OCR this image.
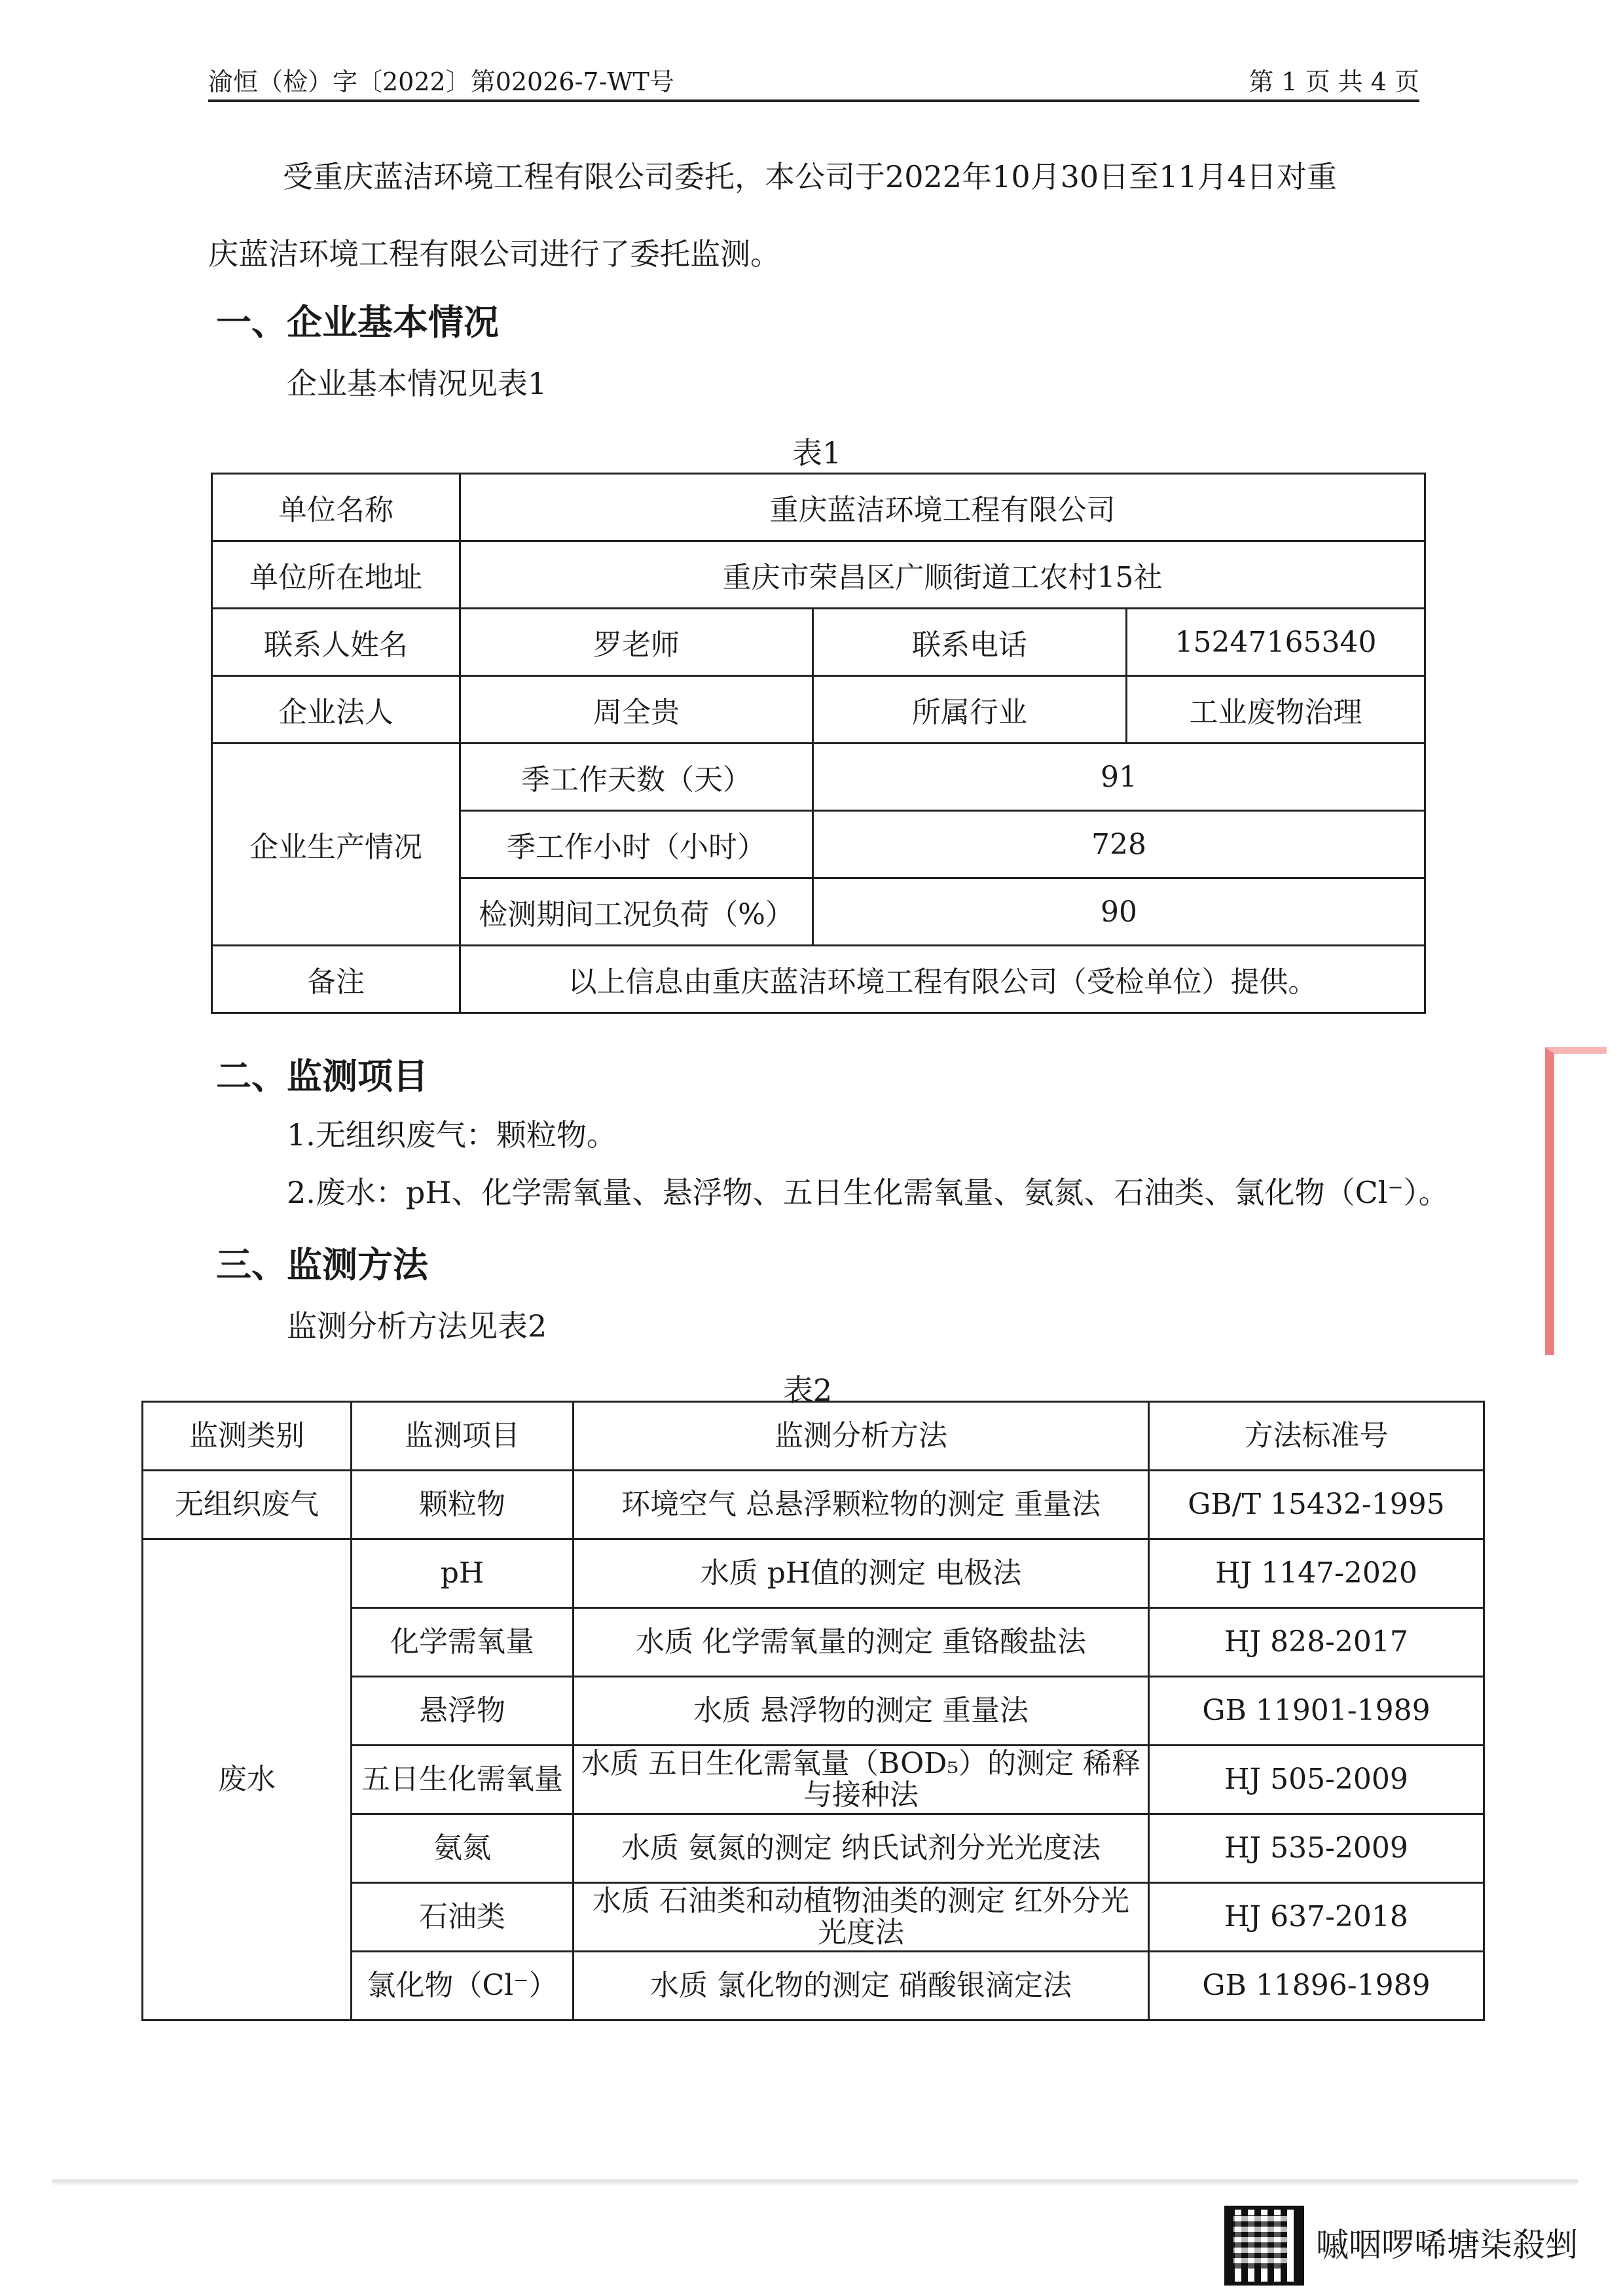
渝恒（检）字〔2022〕第02026-7-WT号	第 1 页 共 4 页
受重庆蓝洁环境工程有限公司委托，本公司于2022年10月30日至11月4日对重
庆蓝洁环境工程有限公司进行了委托监测。
一、企业基本情况
企业基本情况见表1
表1
单位名称	重庆蓝洁环境工程有限公司		
单位所在地址	重庆市荣昌区广顺街道工农村15社		
联系人姓名	罗老师	联系电话	15247165340
企业法人	周全贵	所属行业	工业废物治理
企业生产情况	季工作天数（天）	91	
	季工作小时（小时）	728	
	检测期间工况负荷（%）	90	
备注	以上信息由重庆蓝洁环境工程有限公司（受检单位）提供。		
二、监测项目
1.无组织废气：颗粒物。
2.废水：pH、化学需氧量、悬浮物、五日生化需氧量、氨氮、石油类、氯化物（Cl⁻）。
三、监测方法
监测分析方法见表2
表2
监测类别	监测项目	监测分析方法	方法标准号
无组织废气	颗粒物	环境空气 总悬浮颗粒物的测定 重量法	GB/T 15432-1995
废水	pH	水质 pH值的测定 电极法	HJ 1147-2020
	化学需氧量	水质 化学需氧量的测定 重铬酸盐法	HJ 828-2017
	悬浮物	水质 悬浮物的测定 重量法	GB 11901-1989
	五日生化需氧量	水质 五日生化需氧量（BOD₅）的测定 稀释与接种法	HJ 505-2009
	氨氮	水质 氨氮的测定 纳氏试剂分光光度法	HJ 535-2009
	石油类	水质 石油类和动植物油类的测定 红外分光光度法	HJ 637-2018
	氯化物（Cl⁻）	水质 氯化物的测定 硝酸银滴定法	GB 11896-1989
嘁咽啰唏塘柒殺剉
